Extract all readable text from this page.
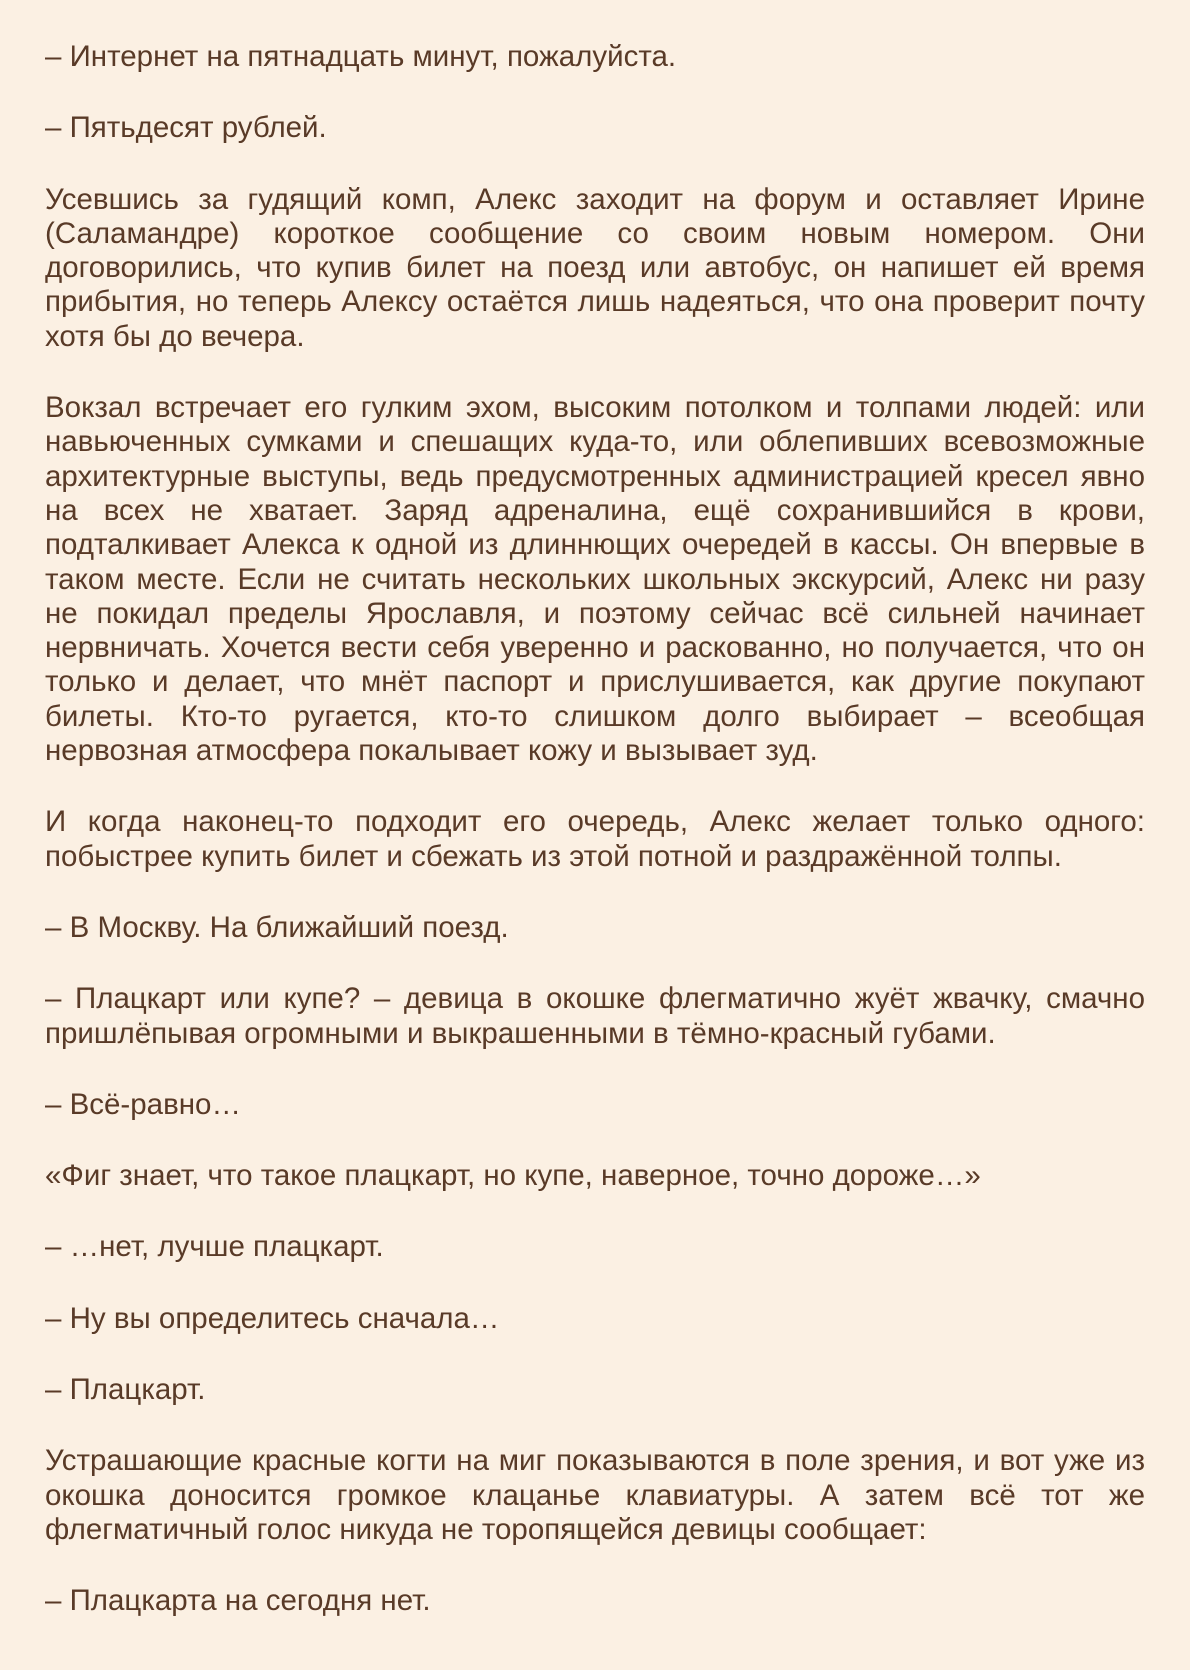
– Интернет на пятнадцать минут, пожалуйста.

– Пятьдесят рублей.

Усевшись за гудящий комп, Алекс заходит на форум и оставляет Ирине (Саламандре) короткое сообщение со своим новым номером. Они договорились, что купив билет на поезд или автобус, он напишет ей время прибытия, но теперь Алексу остаётся лишь надеяться, что она проверит почту хотя бы до вечера.

Вокзал встречает его гулким эхом, высоким потолком и толпами людей: или навьюченных сумками и спешащих куда-то, или облепивших всевозможные архитектурные выступы, ведь предусмотренных администрацией кресел явно на всех не хватает. Заряд адреналина, ещё сохранившийся в крови, подталкивает Алекса к одной из длиннющих очередей в кассы. Он впервые в таком месте. Если не считать нескольких школьных экскурсий, Алекс ни разу не покидал пределы Ярославля, и поэтому сейчас всё сильней начинает нервничать. Хочется вести себя уверенно и раскованно, но получается, что он только и делает, что мнёт паспорт и прислушивается, как другие покупают билеты. Кто-то ругается, кто-то слишком долго выбирает – всеобщая нервозная атмосфера покалывает кожу и вызывает зуд.

И когда наконец-то подходит его очередь, Алекс желает только одного: побыстрее купить билет и сбежать из этой потной и раздражённой толпы.

– В Москву. На ближайший поезд.

– Плацкарт или купе? – девица в окошке флегматично жуёт жвачку, смачно пришлёпывая огромными и выкрашенными в тёмно-красный губами.

– Всё-равно…

«Фиг знает, что такое плацкарт, но купе, наверное, точно дороже…»

– …нет, лучше плацкарт.

– Ну вы определитесь сначала…

– Плацкарт.

Устрашающие красные когти на миг показываются в поле зрения, и вот уже из окошка доносится громкое клацанье клавиатуры. А затем всё тот же флегматичный голос никуда не торопящейся девицы сообщает:

– Плацкарта на сегодня нет.
